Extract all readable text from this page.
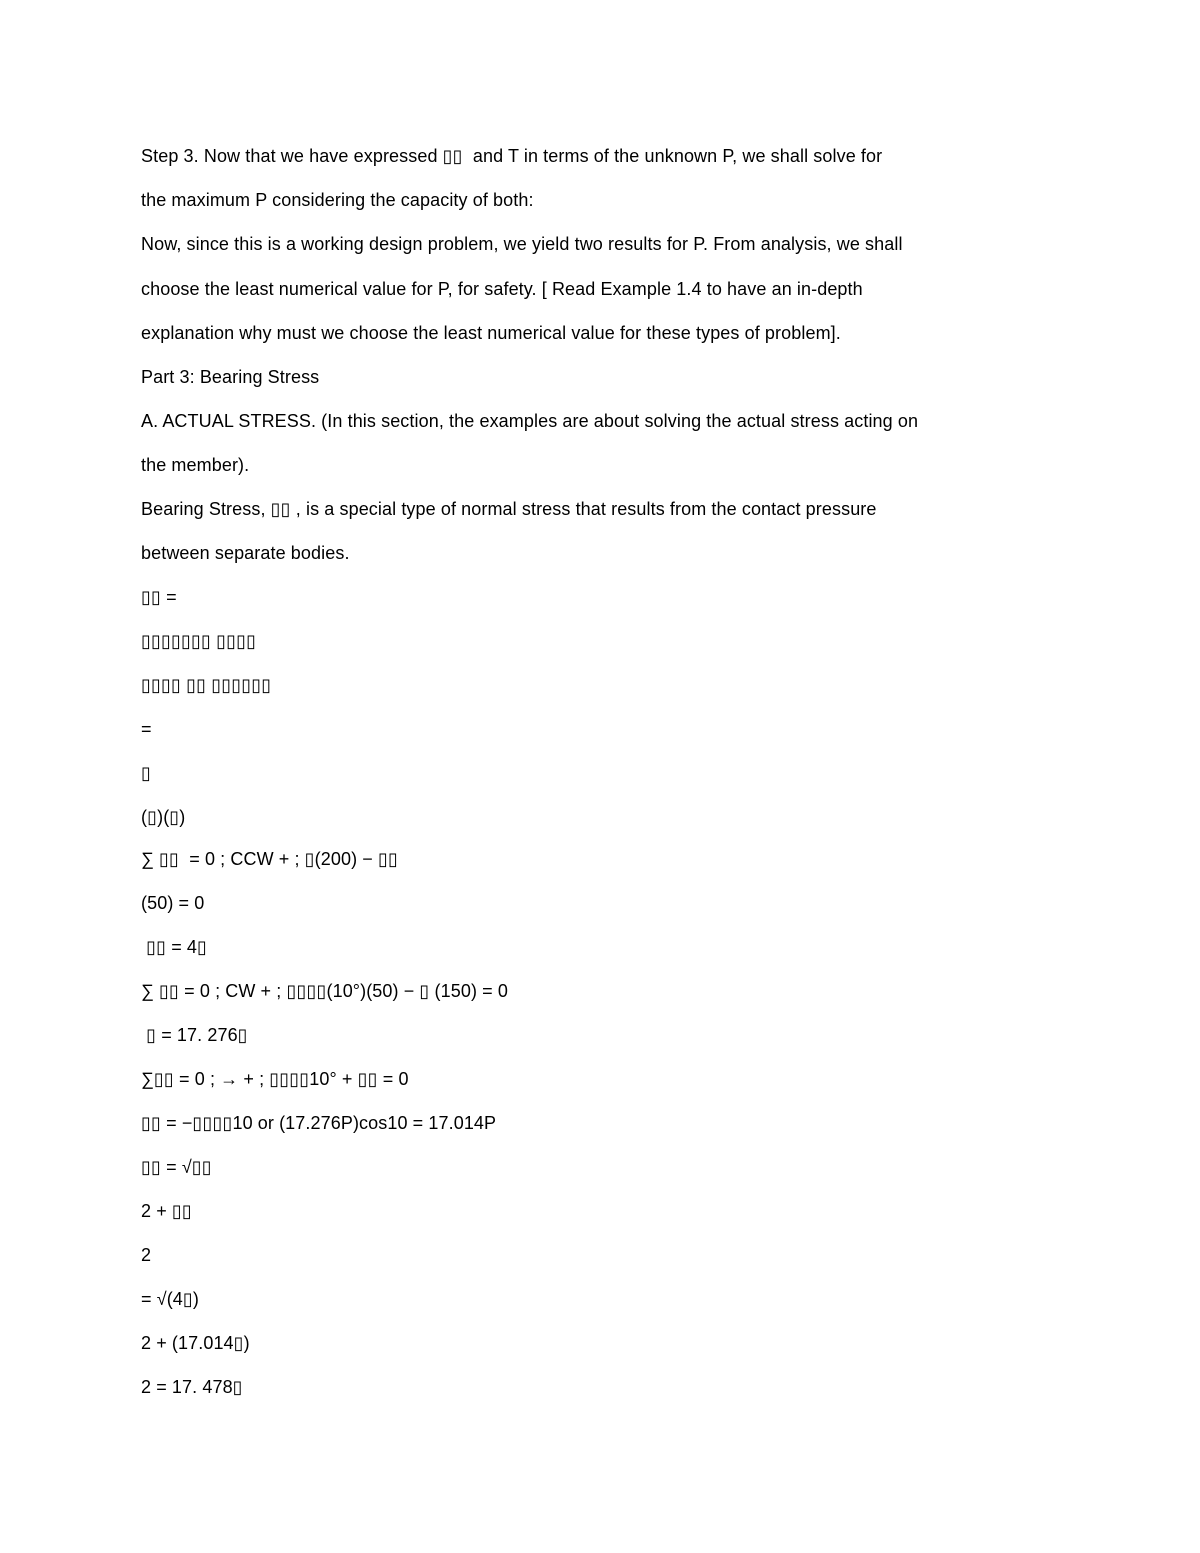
Step 3. Now that we have expressed ▯▯  and T in terms of the unknown P, we shall solve for
the maximum P considering the capacity of both:
Now, since this is a working design problem, we yield two results for P. From analysis, we shall
choose the least numerical value for P, for safety. [ Read Example 1.4 to have an in-depth
explanation why must we choose the least numerical value for these types of problem].
Part 3: Bearing Stress
A. ACTUAL STRESS. (In this section, the examples are about solving the actual stress acting on
the member).
Bearing Stress, ▯▯ , is a special type of normal stress that results from the contact pressure
between separate bodies.
▯▯ =
▯▯▯▯▯▯▯ ▯▯▯▯
▯▯▯▯ ▯▯ ▯▯▯▯▯▯
=
▯
(▯)(▯)
∑ ▯▯  = 0 ; CCW + ; ▯(200) − ▯▯
(50) = 0
▯▯ = 4▯
∑ ▯▯ = 0 ; CW + ; ▯▯▯▯(10°)(50) − ▯ (150) = 0
▯ = 17. 276▯
∑▯▯ = 0 ; → + ; ▯▯▯▯10° + ▯▯ = 0
▯▯ = −▯▯▯▯10 or (17.276P)cos10 = 17.014P
▯▯ = √▯▯
2 + ▯▯
2
= √(4▯)
2 + (17.014▯)
2 = 17. 478▯
